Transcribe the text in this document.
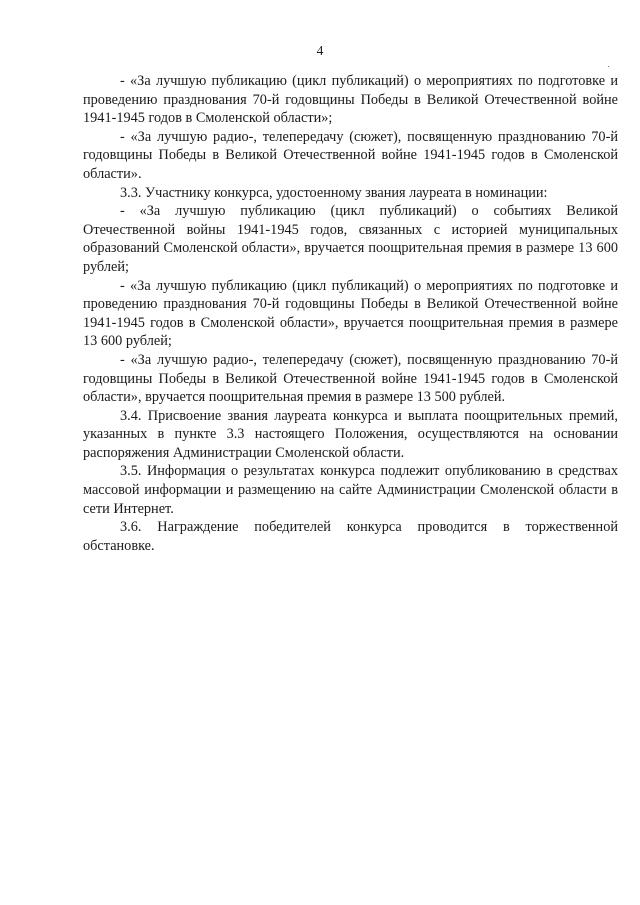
4

- «За лучшую публикацию (цикл публикаций) о мероприятиях по подготовке и проведению празднования 70-й годовщины Победы в Великой Отечественной войне 1941-1945 годов в Смоленской области»;

- «За лучшую радио-, телепередачу (сюжет), посвященную празднованию 70-й годовщины Победы в Великой Отечественной войне 1941-1945 годов в Смоленской области».

3.3. Участнику конкурса, удостоенному звания лауреата в номинации:

- «За лучшую публикацию (цикл публикаций) о событиях Великой Отечественной войны 1941-1945 годов, связанных с историей муниципальных образований Смоленской области», вручается поощрительная премия в размере 13 600 рублей;

- «За лучшую публикацию (цикл публикаций) о мероприятиях по подготовке и проведению празднования 70-й годовщины Победы в Великой Отечественной войне 1941-1945 годов в Смоленской области», вручается поощрительная премия в размере 13 600 рублей;

- «За лучшую радио-, телепередачу (сюжет), посвященную празднованию 70-й годовщины Победы в Великой Отечественной войне 1941-1945 годов в Смоленской области», вручается поощрительная премия в размере 13 500 рублей.

3.4. Присвоение звания лауреата конкурса и выплата поощрительных премий, указанных в пункте 3.3 настоящего Положения, осуществляются на основании распоряжения Администрации Смоленской области.

3.5. Информация о результатах конкурса подлежит опубликованию в средствах массовой информации и размещению на сайте Администрации Смоленской области в сети Интернет.

3.6. Награждение победителей конкурса проводится в торжественной обстановке.
